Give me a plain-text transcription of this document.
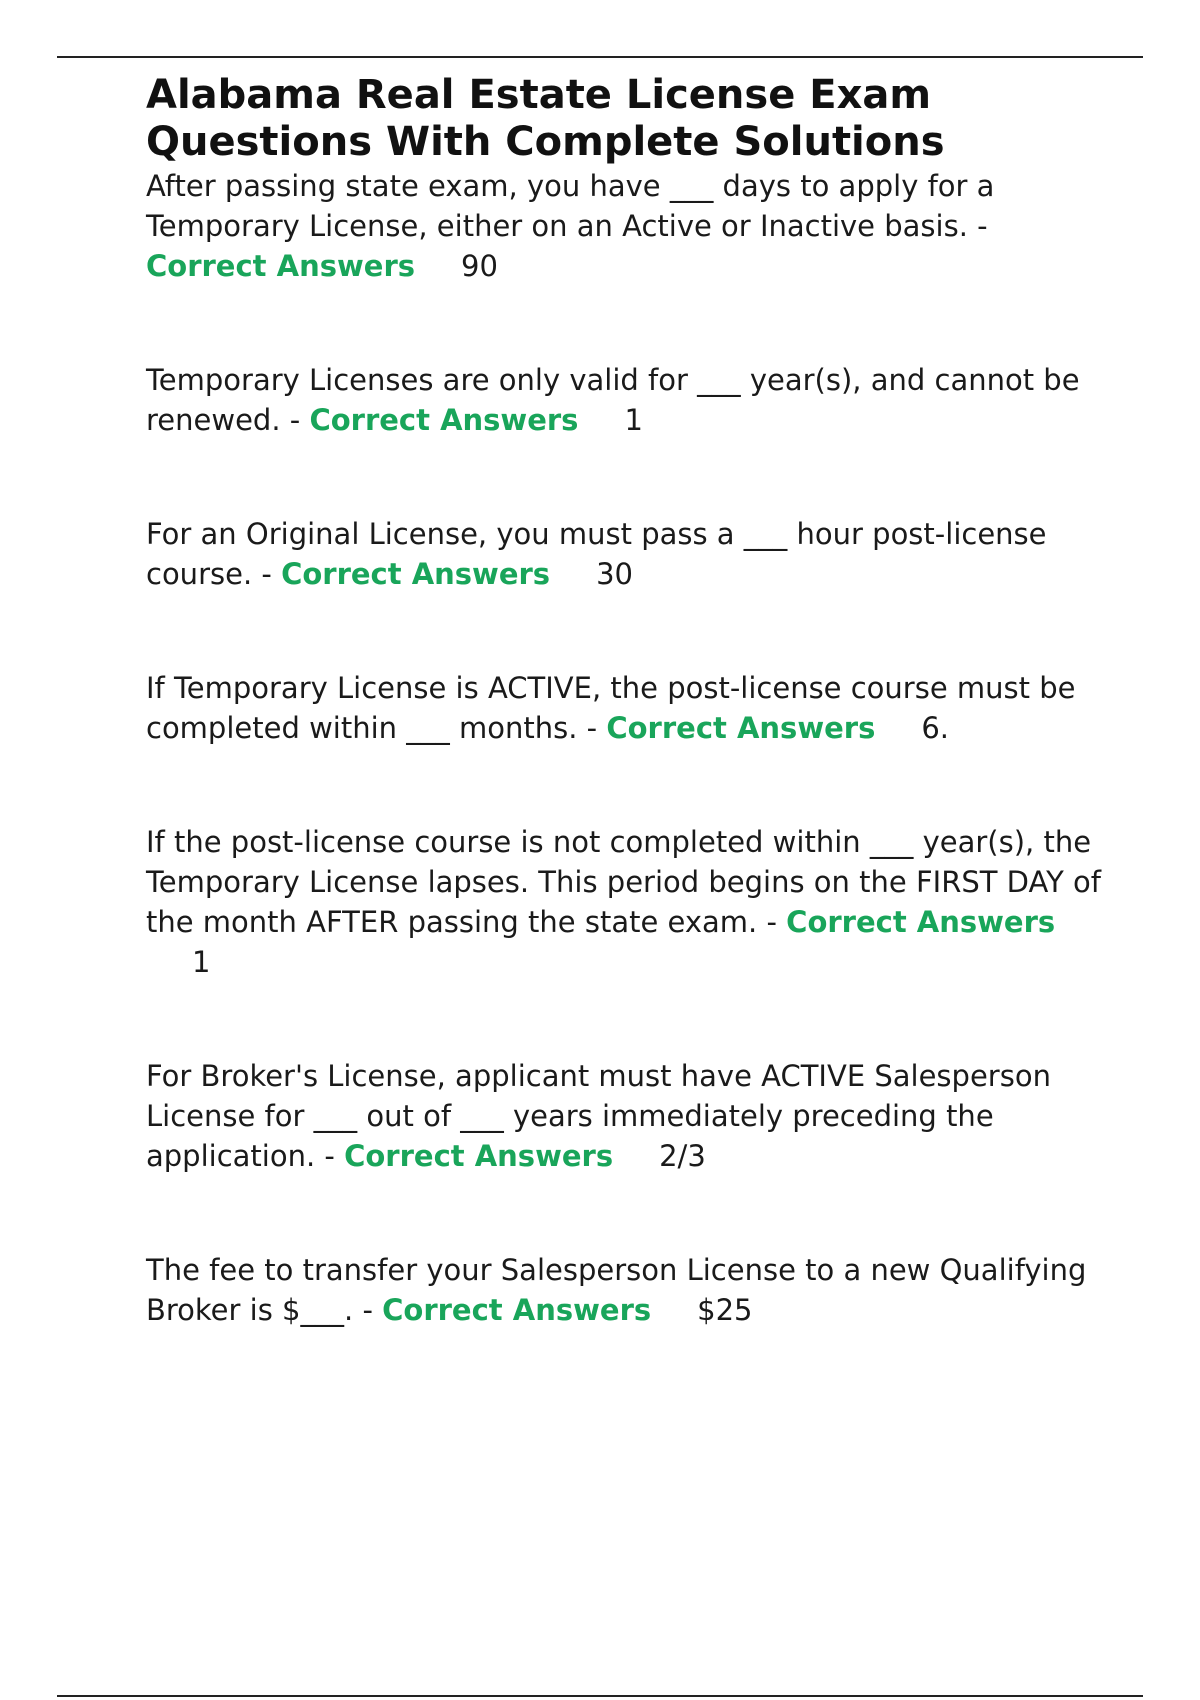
Alabama Real Estate License Exam Questions With Complete Solutions

After passing state exam, you have ___ days to apply for a Temporary License, either on an Active or Inactive basis. - Correct Answers 90

Temporary Licenses are only valid for ___ year(s), and cannot be renewed. - Correct Answers 1

For an Original License, you must pass a ___ hour post-license course. - Correct Answers 30

If Temporary License is ACTIVE, the post-license course must be completed within ___ months. - Correct Answers 6.

If the post-license course is not completed within ___ year(s), the Temporary License lapses. This period begins on the FIRST DAY of the month AFTER passing the state exam. - Correct Answers1

For Broker's License, applicant must have ACTIVE Salesperson License for ___ out of ___ years immediately preceding the application. - Correct Answers 2/3

The fee to transfer your Salesperson License to a new Qualifying Broker is $___. - Correct Answers $25
